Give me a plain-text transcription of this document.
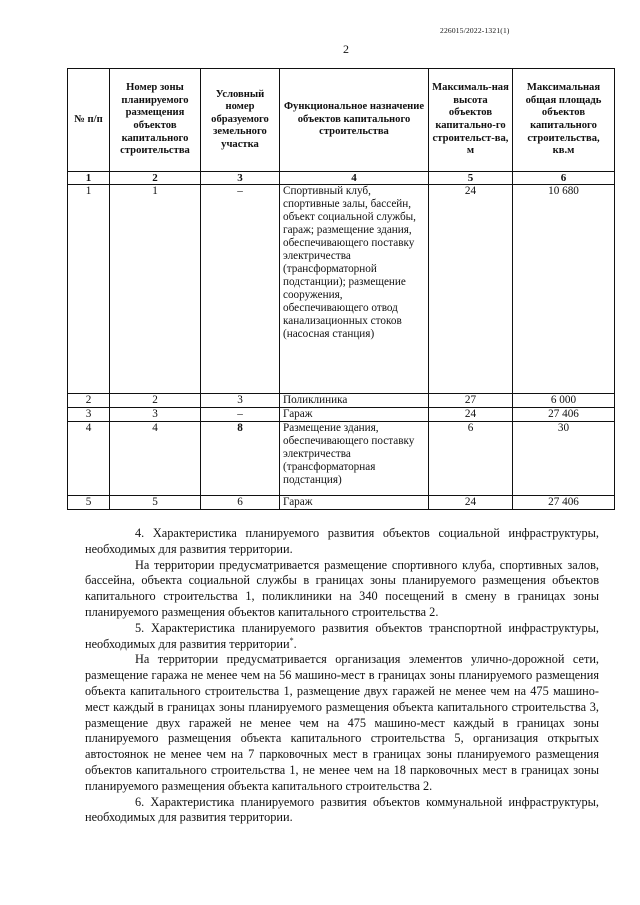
226015/2022-1321(1)
2
№ п/п	Номер зоны планируемого размещения объектов капитального строительства	Условный номер образуемого земельного участка	Функциональное назначение объектов капитального строительства	Максималь-ная высота объектов капитально-го строительст-ва, м	Максимальная общая площадь объектов капитального строительства, кв.м
1	2	3	4	5	6
1	1	–	Спортивный клуб, спортивные залы, бассейн, объект социальной службы, гараж; размещение здания, обеспечивающего поставку электричества (трансформаторной подстанции); размещение сооружения, обеспечивающего отвод канализационных стоков (насосная станция)	24	10 680
2	2	3	Поликлиника	27	6 000
3	3	–	Гараж	24	27 406
4	4	8	Размещение здания, обеспечивающего поставку электричества (трансформаторная подстанция)	6	30
5	5	6	Гараж	24	27 406

4. Характеристика планируемого развития объектов социальной инфраструктуры, необходимых для развития территории.

На территории предусматривается размещение спортивного клуба, спортивных залов, бассейна, объекта социальной службы в границах зоны планируемого размещения объектов капитального строительства 1, поликлиники на 340 посещений в смену в границах зоны планируемого размещения объектов капитального строительства 2.

5. Характеристика планируемого развития объектов транспортной инфраструктуры, необходимых для развития территории*.

На территории предусматривается организация элементов улично-дорожной сети, размещение гаража не менее чем на 56 машино-мест в границах зоны планируемого размещения объекта капитального строительства 1, размещение двух гаражей не менее чем на 475 машино-мест каждый в границах зоны планируемого размещения объекта капитального строительства 3, размещение двух гаражей не менее чем на 475 машино-мест каждый в границах зоны планируемого размещения объекта капитального строительства 5, организация открытых автостоянок не менее чем на 7 парковочных мест в границах зоны планируемого размещения объектов капитального строительства 1, не менее чем на 18 парковочных мест в границах зоны планируемого размещения объекта капитального строительства 2.

6. Характеристика планируемого развития объектов коммунальной инфраструктуры, необходимых для развития территории.
